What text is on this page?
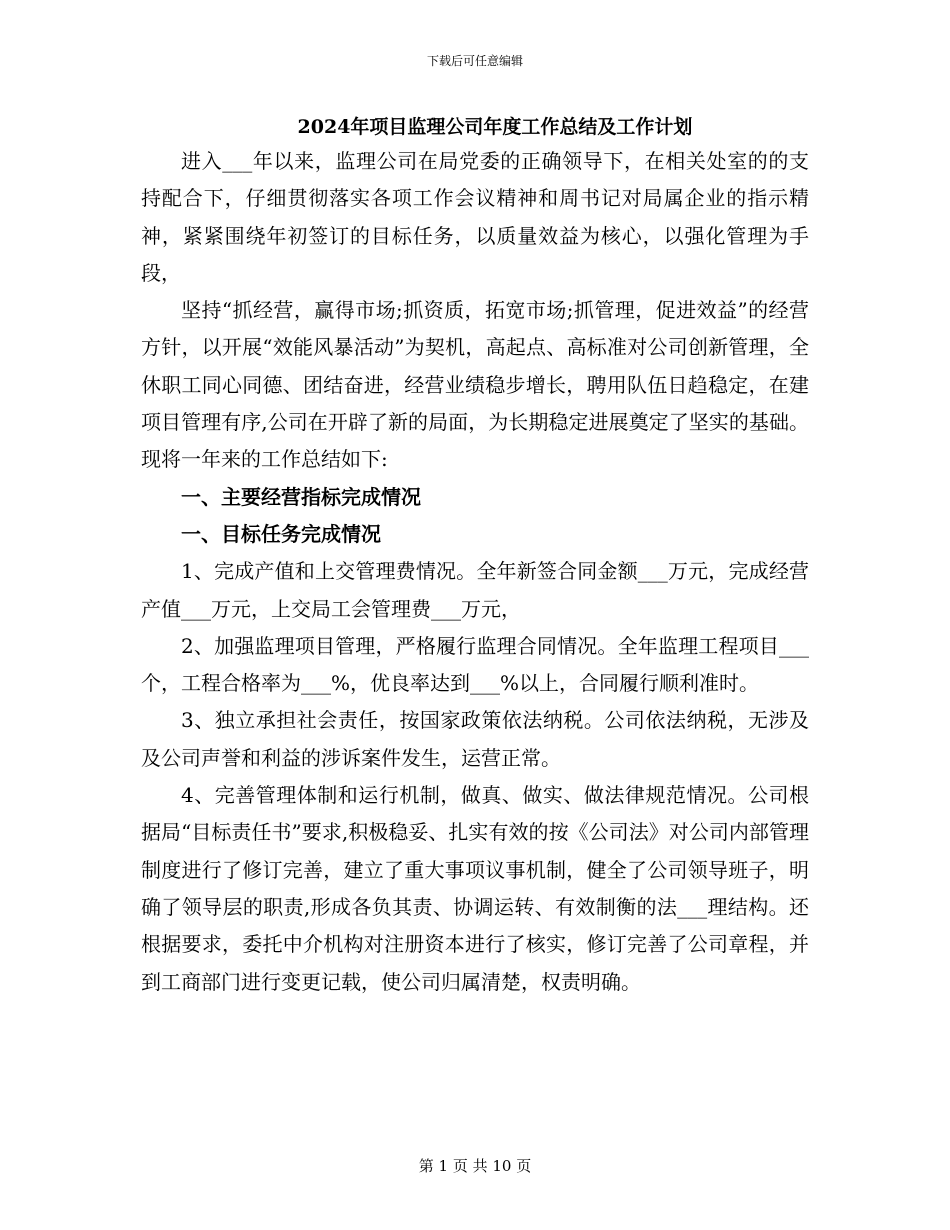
下载后可任意编辑
2024年项目监理公司年度工作总结及工作计划

进入___年以来，监理公司在局党委的正确领导下，在相关处室的的支持配合下，仔细贯彻落实各项工作会议精神和周书记对局属企业的指示精神，紧紧围绕年初签订的目标任务，以质量效益为核心，以强化管理为手段，

坚持“抓经营，赢得市场;抓资质，拓宽市场;抓管理，促进效益”的经营方针，以开展“效能风暴活动”为契机，高起点、高标准对公司创新管理，全休职工同心同德、团结奋进，经营业绩稳步增长，聘用队伍日趋稳定，在建项目管理有序,公司在开辟了新的局面，为长期稳定进展奠定了坚实的基础。现将一年来的工作总结如下:

一、主要经营指标完成情况

一、目标任务完成情况

1、完成产值和上交管理费情况。全年新签合同金额___万元，完成经营产值___万元，上交局工会管理费___万元，

2、加强监理项目管理，严格履行监理合同情况。全年监理工程项目___个，工程合格率为___%，优良率达到___%以上，合同履行顺利准时。

3、独立承担社会责任，按国家政策依法纳税。公司依法纳税，无涉及及公司声誉和利益的涉诉案件发生，运营正常。

4、完善管理体制和运行机制，做真、做实、做法律规范情况。公司根据局“目标责任书”要求,积极稳妥、扎实有效的按《公司法》对公司内部管理制度进行了修订完善，建立了重大事项议事机制，健全了公司领导班子，明确了领导层的职责,形成各负其责、协调运转、有效制衡的法___理结构。还根据要求，委托中介机构对注册资本进行了核实，修订完善了公司章程，并到工商部门进行变更记载，使公司归属清楚，权责明确。

第 1 页 共 10 页
